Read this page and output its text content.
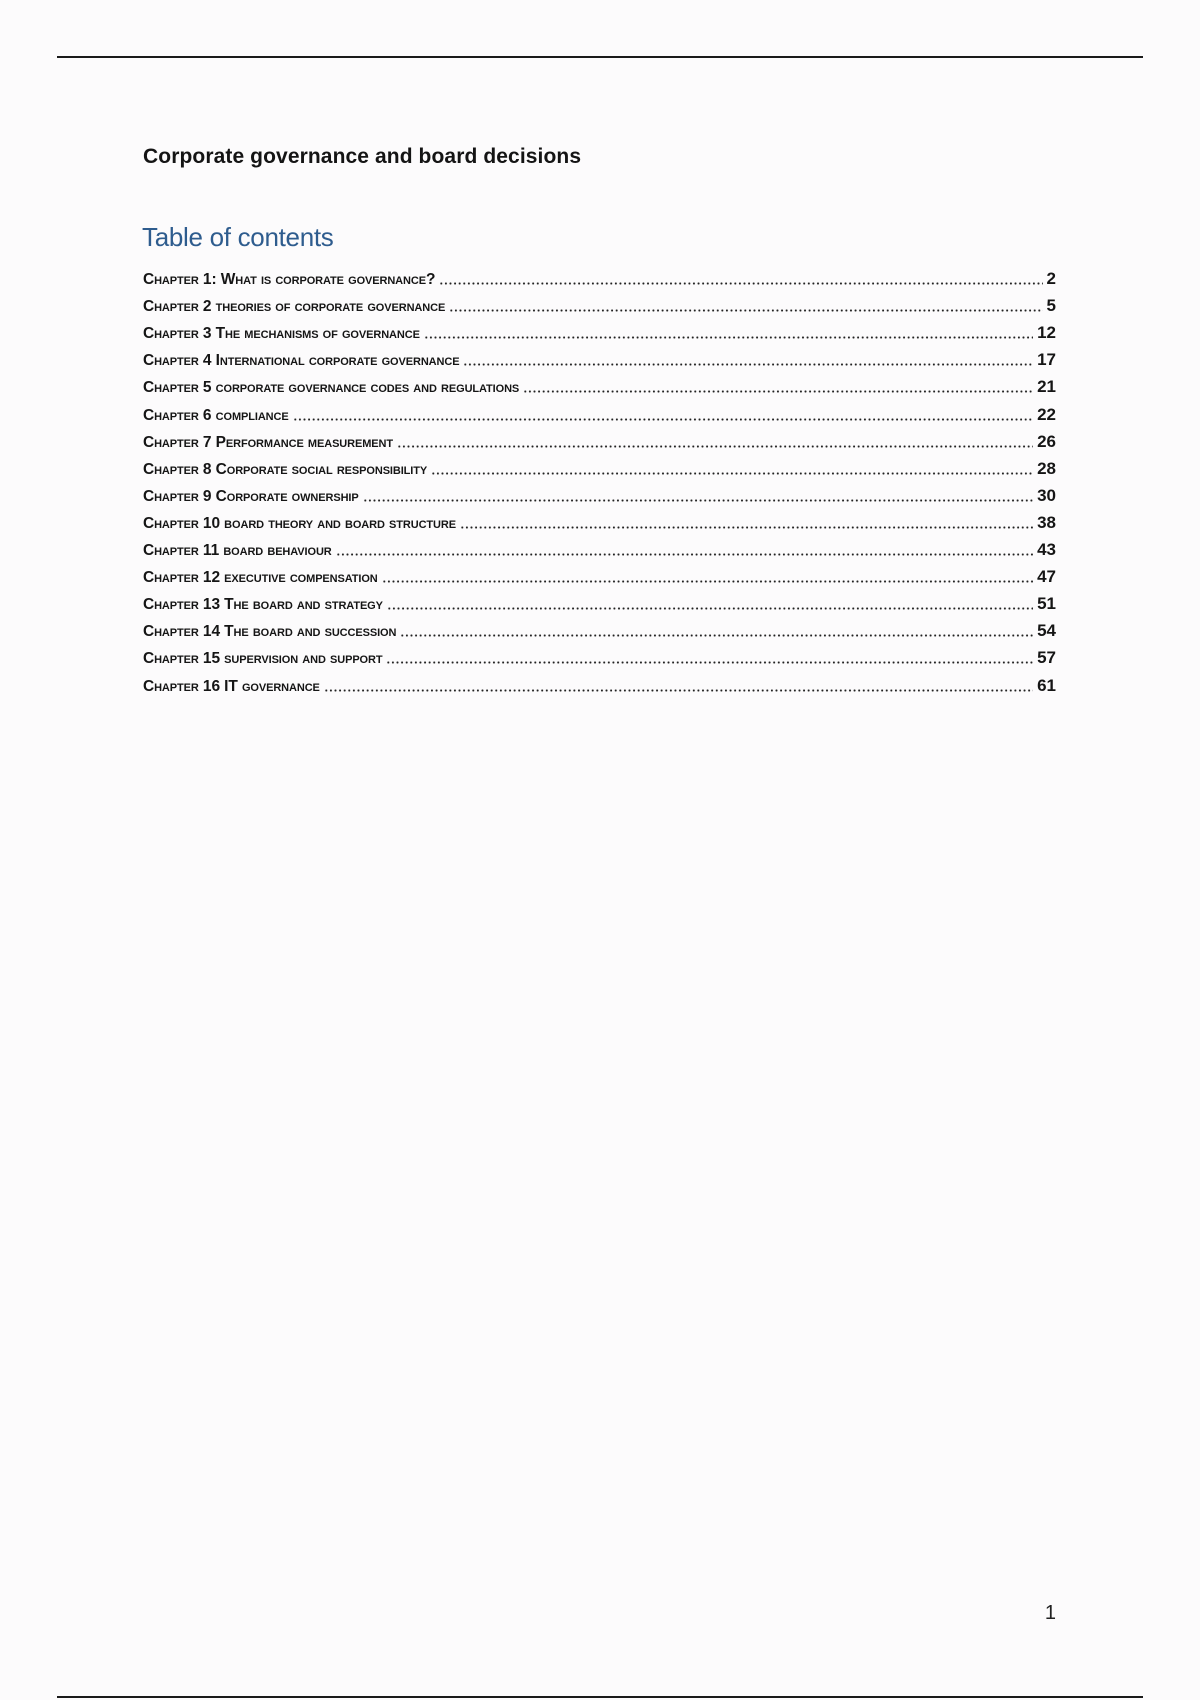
Corporate governance and board decisions
Table of contents
Chapter 1: What is corporate governance?	2
Chapter 2 theories of corporate governance	5
Chapter 3 The mechanisms of governance	12
Chapter 4 International corporate governance	17
Chapter 5 corporate governance codes and regulations	21
Chapter 6 compliance	22
Chapter 7 Performance measurement	26
Chapter 8 Corporate social responsibility	28
Chapter 9 Corporate ownership	30
Chapter 10 board theory and board structure	38
Chapter 11 board behaviour	43
Chapter 12 executive compensation	47
Chapter 13 The board and strategy	51
Chapter 14 The board and succession	54
Chapter 15 supervision and support	57
Chapter 16 IT governance	61
1
